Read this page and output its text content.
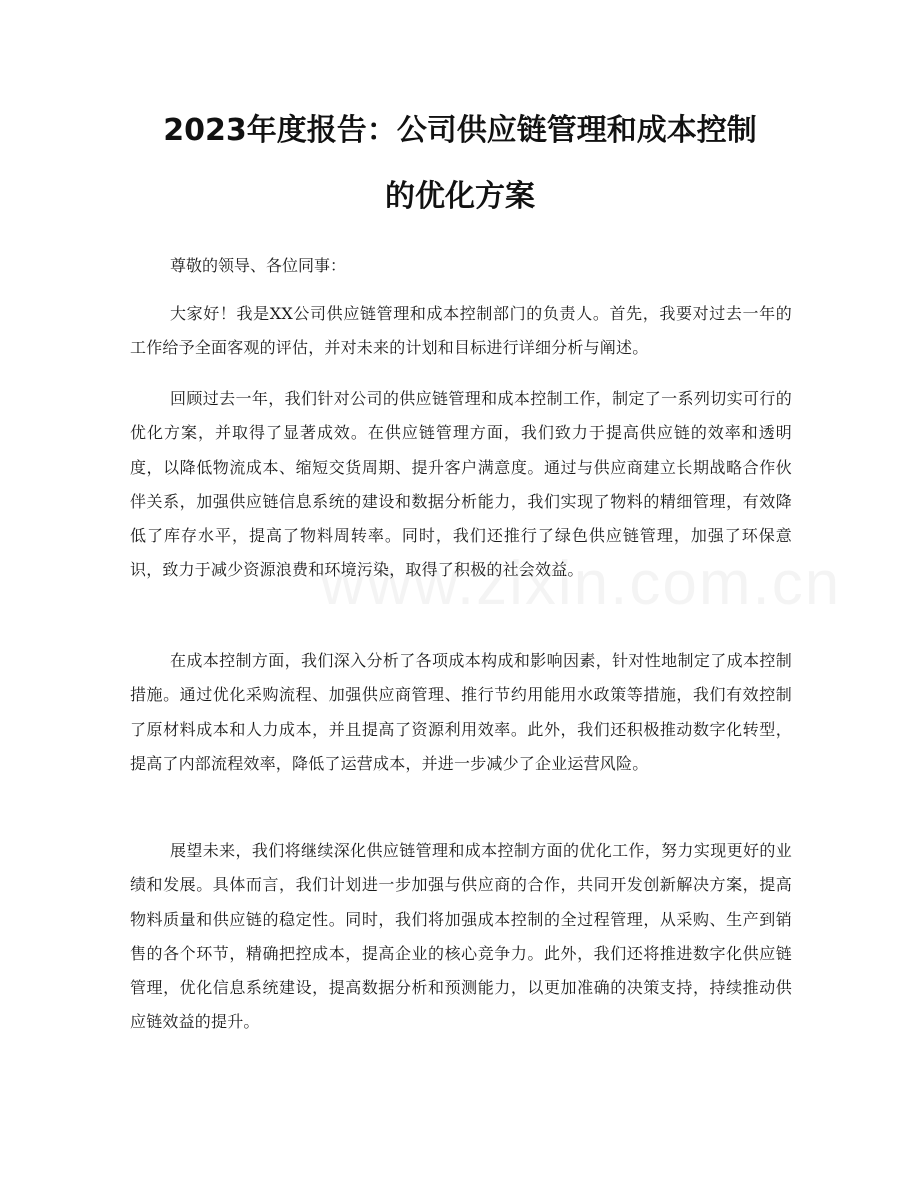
2023年度报告：公司供应链管理和成本控制
的优化方案

尊敬的领导、各位同事：

大家好！我是XX公司供应链管理和成本控制部门的负责人。首先，我要对过去一年的工作给予全面客观的评估，并对未来的计划和目标进行详细分析与阐述。

回顾过去一年，我们针对公司的供应链管理和成本控制工作，制定了一系列切实可行的优化方案，并取得了显著成效。在供应链管理方面，我们致力于提高供应链的效率和透明度，以降低物流成本、缩短交货周期、提升客户满意度。通过与供应商建立长期战略合作伙伴关系，加强供应链信息系统的建设和数据分析能力，我们实现了物料的精细管理，有效降低了库存水平，提高了物料周转率。同时，我们还推行了绿色供应链管理，加强了环保意识，致力于减少资源浪费和环境污染，取得了积极的社会效益。

在成本控制方面，我们深入分析了各项成本构成和影响因素，针对性地制定了成本控制措施。通过优化采购流程、加强供应商管理、推行节约用能用水政策等措施，我们有效控制了原材料成本和人力成本，并且提高了资源利用效率。此外，我们还积极推动数字化转型，提高了内部流程效率，降低了运营成本，并进一步减少了企业运营风险。

展望未来，我们将继续深化供应链管理和成本控制方面的优化工作，努力实现更好的业绩和发展。具体而言，我们计划进一步加强与供应商的合作，共同开发创新解决方案，提高物料质量和供应链的稳定性。同时，我们将加强成本控制的全过程管理，从采购、生产到销售的各个环节，精确把控成本，提高企业的核心竞争力。此外，我们还将推进数字化供应链管理，优化信息系统建设，提高数据分析和预测能力，以更加准确的决策支持，持续推动供应链效益的提升。
